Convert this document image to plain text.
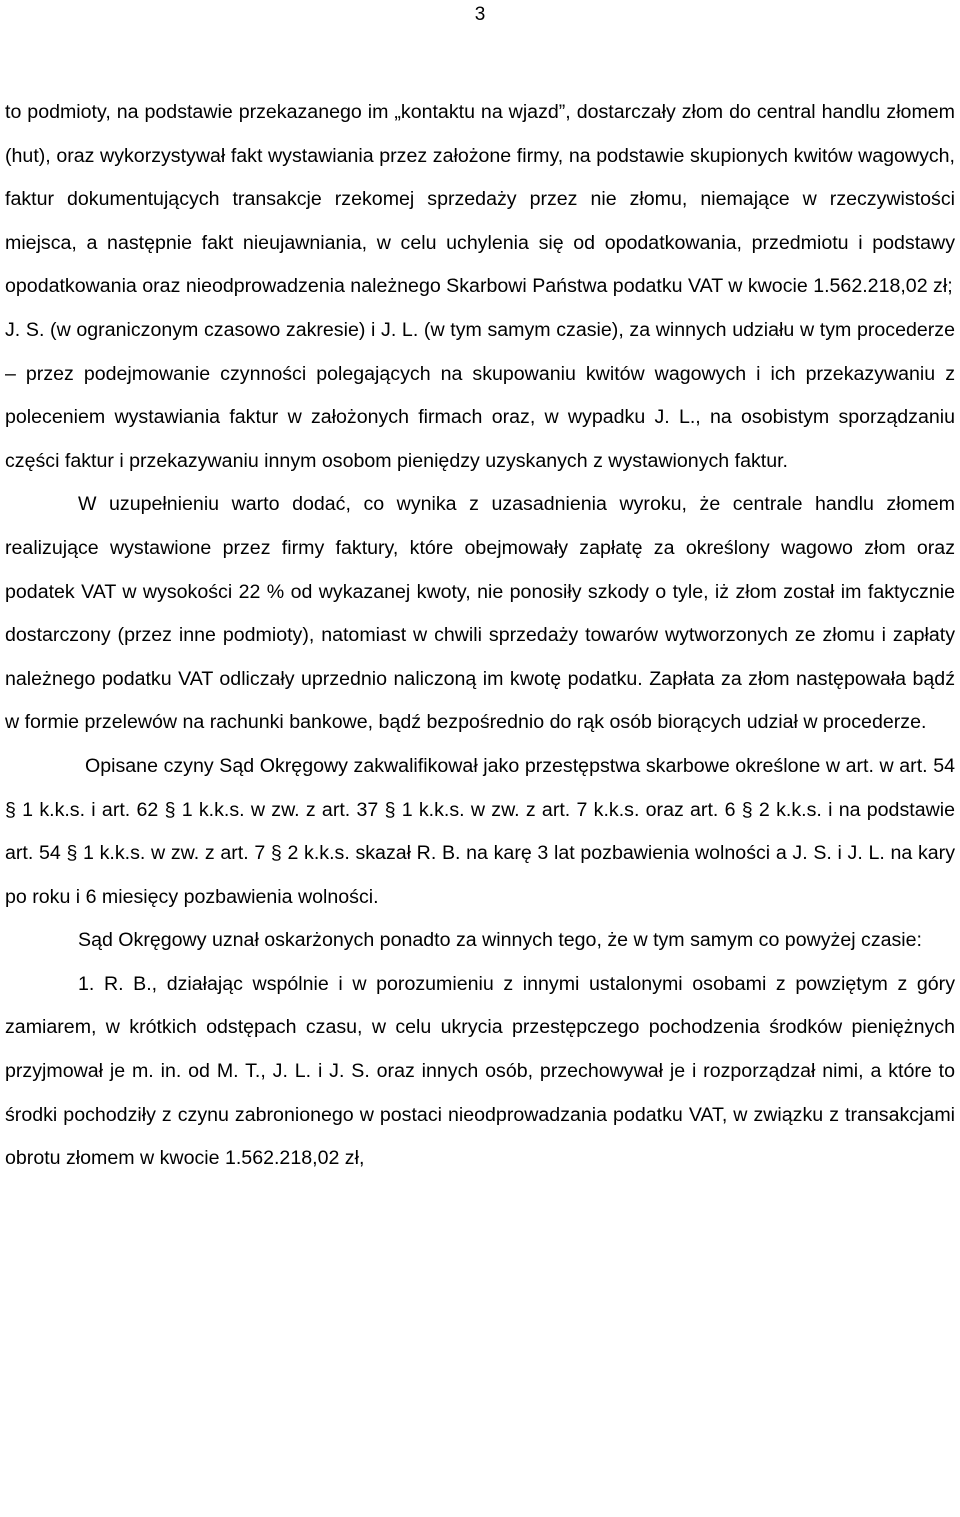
3

to podmioty, na podstawie przekazanego im „kontaktu na wjazd”, dostarczały złom do central handlu złomem (hut), oraz wykorzystywał fakt wystawiania przez założone firmy, na podstawie skupionych kwitów wagowych, faktur dokumentujących transakcje rzekomej sprzedaży przez nie złomu, niemające w rzeczywistości miejsca, a następnie fakt nieujawniania, w celu uchylenia się od opodatkowania, przedmiotu i podstawy opodatkowania oraz nieodprowadzenia należnego Skarbowi Państwa podatku VAT w kwocie 1.562.218,02 zł;

J. S. (w ograniczonym czasowo zakresie) i J. L. (w tym samym czasie), za winnych udziału w tym procederze – przez podejmowanie czynności polegających na skupowaniu kwitów wagowych i ich przekazywaniu z poleceniem wystawiania faktur w założonych firmach oraz, w wypadku J. L., na osobistym sporządzaniu części faktur i przekazywaniu innym osobom pieniędzy uzyskanych z wystawionych faktur.

W uzupełnieniu warto dodać, co wynika z uzasadnienia wyroku, że centrale handlu złomem realizujące wystawione przez firmy faktury, które obejmowały zapłatę za określony wagowo złom oraz podatek VAT w wysokości 22 % od wykazanej kwoty, nie ponosiły szkody o tyle, iż złom został im faktycznie dostarczony (przez inne podmioty), natomiast w chwili sprzedaży towarów wytworzonych ze złomu i zapłaty należnego podatku VAT odliczały uprzednio naliczoną im kwotę podatku. Zapłata za złom następowała bądź w formie przelewów na rachunki bankowe, bądź bezpośrednio do rąk osób biorących udział w procederze.

Opisane czyny Sąd Okręgowy zakwalifikował jako przestępstwa skarbowe określone w art. w art. 54 § 1 k.k.s. i art. 62 § 1 k.k.s. w zw. z art. 37 § 1 k.k.s. w zw. z art. 7 k.k.s. oraz art. 6 § 2 k.k.s. i na podstawie art. 54 § 1 k.k.s. w zw. z art. 7 § 2 k.k.s. skazał R. B. na karę 3 lat pozbawienia wolności a J. S. i J. L. na kary po roku i 6 miesięcy pozbawienia wolności.

Sąd Okręgowy uznał oskarżonych ponadto za winnych tego, że w tym samym co powyżej czasie:

1. R. B., działając wspólnie i w porozumieniu z innymi ustalonymi osobami z powziętym z góry zamiarem, w krótkich odstępach czasu, w celu ukrycia przestępczego pochodzenia środków pieniężnych przyjmował je m. in. od M. T., J. L. i J. S. oraz innych osób, przechowywał je i rozporządzał nimi, a które to środki pochodziły z czynu zabronionego w postaci nieodprowadzania podatku VAT, w związku z transakcjami obrotu złomem w kwocie 1.562.218,02 zł,
